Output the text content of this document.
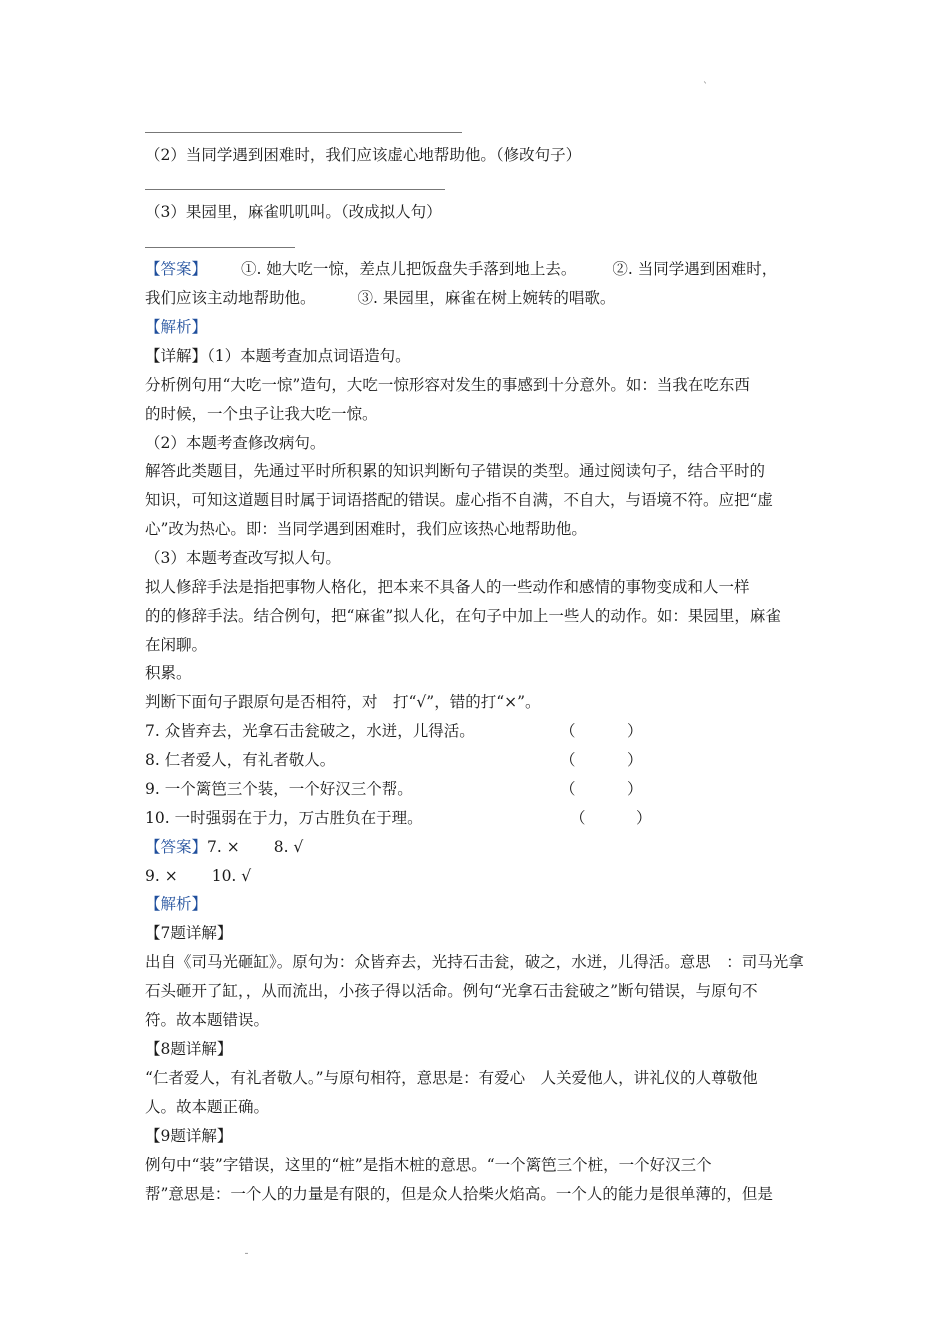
ˋ

（2）当同学遇到困难时，我们应该虚心地帮助他。（修改句子）

（3）果园里，麻雀叽叽叫。（改成拟人句）

【答案】 ①. 她大吃一惊，差点儿把饭盘失手落到地上去。 ②. 当同学遇到困难时，

我们应该主动地帮助他。	③. 果园里，麻雀在树上婉转的唱歌。

【解析】

【详解】（1）本题考查加点词语造句。

分析例句用“大吃一惊”造句，大吃一惊形容对发生的事感到十分意外。如：当我在吃东西

的时候，一个虫子让我大吃一惊。

（2）本题考查修改病句。

解答此类题目，先通过平时所积累的知识判断句子错误的类型。通过阅读句子，结合平时的

知识，可知这道题目时属于词语搭配的错误。虚心指不自满，不自大，与语境不符。应把“虚

心”改为热心。即：当同学遇到困难时，我们应该热心地帮助他。

（3）本题考查改写拟人句。

拟人修辞手法是指把事物人格化，把本来不具备人的一些动作和感情的事物变成和人一样

的的修辞手法。结合例句，把“麻雀”拟人化，在句子中加上一些人的动作。如：果园里，麻雀

在闲聊。

积累。

判断下面句子跟原句是否相符，对　打“√”，错的打“×”。

7. 众皆弃去，光拿石击瓮破之，水迸，儿得活。	（	）

8. 仁者爱人，有礼者敬人。	（	）

9. 一个篱笆三个装，一个好汉三个帮。	（	）

10. 一时强弱在于力，万古胜负在于理。	（	）

【答案】7. × 8. √

9. × 10. √

【解析】

【7题详解】

出自《司马光砸缸》。原句为：众皆弃去，光持石击瓮，破之，水迸，儿得活。意思　：司马光拿

石头砸开了缸，，从而流出，小孩子得以活命。例句“光拿石击瓮破之”断句错误，与原句不

符。故本题错误。

【8题详解】

“仁者爱人，有礼者敬人。”与原句相符，意思是：有爱心　人关爱他人，讲礼仪的人尊敬他

人。故本题正确。

【9题详解】

例句中“装”字错误，这里的“桩”是指木桩的意思。“一个篱笆三个桩，一个好汉三个

帮”意思是：一个人的力量是有限的，但是众人拾柴火焰高。一个人的能力是很单薄的，但是

ˍ
